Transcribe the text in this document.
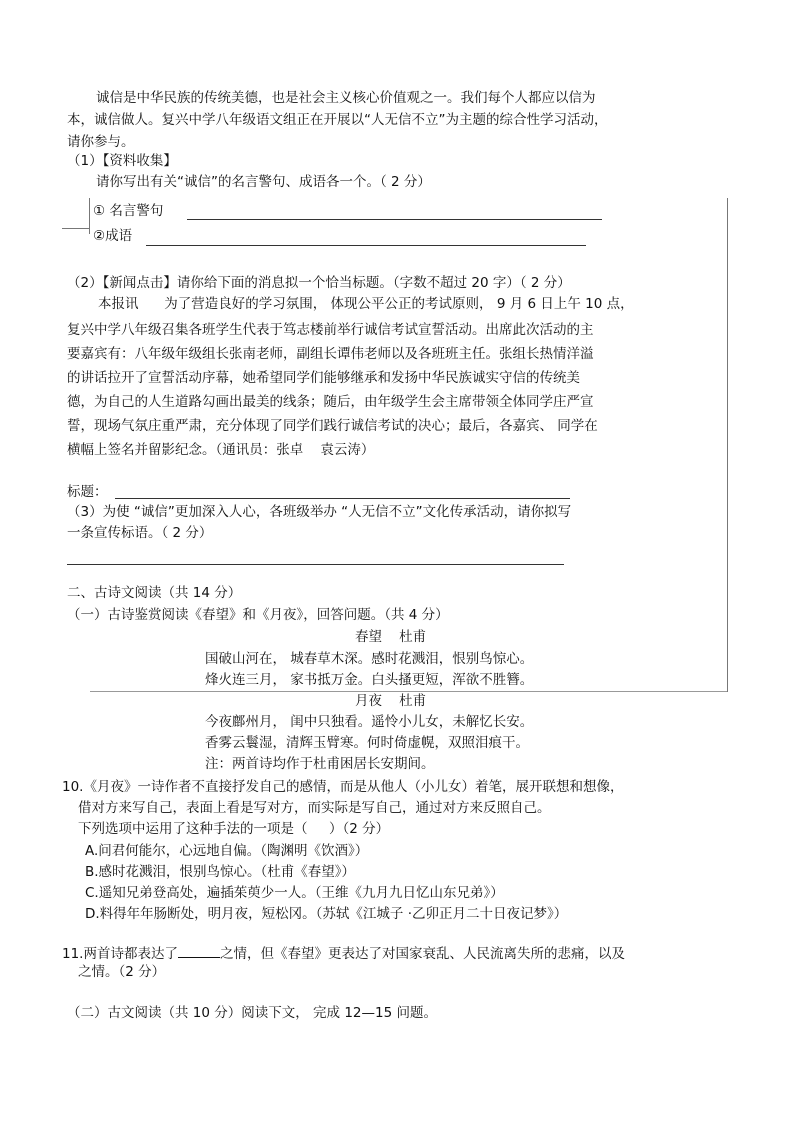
诚信是中华民族的传统美德，也是社会主义核心价值观之一。我们每个人都应以信为
本，诚信做人。复兴中学八年级语文组正在开展以“人无信不立”为主题的综合性学习活动，
请你参与。
（1）【资料收集】
请你写出有关“诚信”的名言警句、成语各一个。（ 2 分）
① 名言警句
②成语
（2）【新闻点击】请你给下面的消息拟一个恰当标题。（字数不超过 20 字）（ 2 分）
本报讯      为了营造良好的学习氛围， 体现公平公正的考试原则， 9 月 6 日上午 10 点，
复兴中学八年级召集各班学生代表于笃志楼前举行诚信考试宣誓活动。出席此次活动的主
要嘉宾有：八年级年级组长张南老师，副组长谭伟老师以及各班班主任。张组长热情洋溢
的讲话拉开了宣誓活动序幕，她希望同学们能够继承和发扬中华民族诚实守信的传统美
德，为自己的人生道路勾画出最美的线条；随后，由年级学生会主席带领全体同学庄严宣
誓，现场气氛庄重严肃，充分体现了同学们践行诚信考试的决心；最后，各嘉宾、 同学在
横幅上签名并留影纪念。（通讯员：张卓    袁云涛）
标题：
（3）为使 “诚信”更加深入人心，各班级举办 “人无信不立”文化传承活动，请你拟写
一条宣传标语。（ 2 分）
二、古诗文阅读（共 14 分）
（一）古诗鉴赏阅读《春望》和《月夜》，回答问题。（共 4 分）
春望    杜甫
国破山河在， 城春草木深。感时花溅泪，恨别鸟惊心。
烽火连三月， 家书抵万金。白头搔更短，浑欲不胜簪。
月夜    杜甫
今夜鄜州月， 闺中只独看。遥怜小儿女，未解忆长安。
香雾云鬟湿，清辉玉臂寒。何时倚虚幌，双照泪痕干。
注：两首诗均作于杜甫困居长安期间。
10.《月夜》一诗作者不直接抒发自己的感情，而是从他人（小儿女）着笔，展开联想和想像，
借对方来写自己，表面上看是写对方，而实际是写自己，通过对方来反照自己。
下列选项中运用了这种手法的一项是（     ）（2 分）
A.问君何能尔，心远地自偏。（陶渊明《饮酒》）
B.感时花溅泪，恨别鸟惊心。（杜甫《春望》）
C.遥知兄弟登高处，遍插茱萸少一人。（王维《九月九日忆山东兄弟》）
D.料得年年肠断处，明月夜，短松冈。（苏轼《江城子 ·乙卯正月二十日夜记梦》）
11.两首诗都表达了	之情，但《春望》更表达了对国家衰乱、人民流离失所的悲痛，以及
之情。（2 分）
（二）古文阅读（共 10 分）阅读下文， 完成 12—15 问题。
